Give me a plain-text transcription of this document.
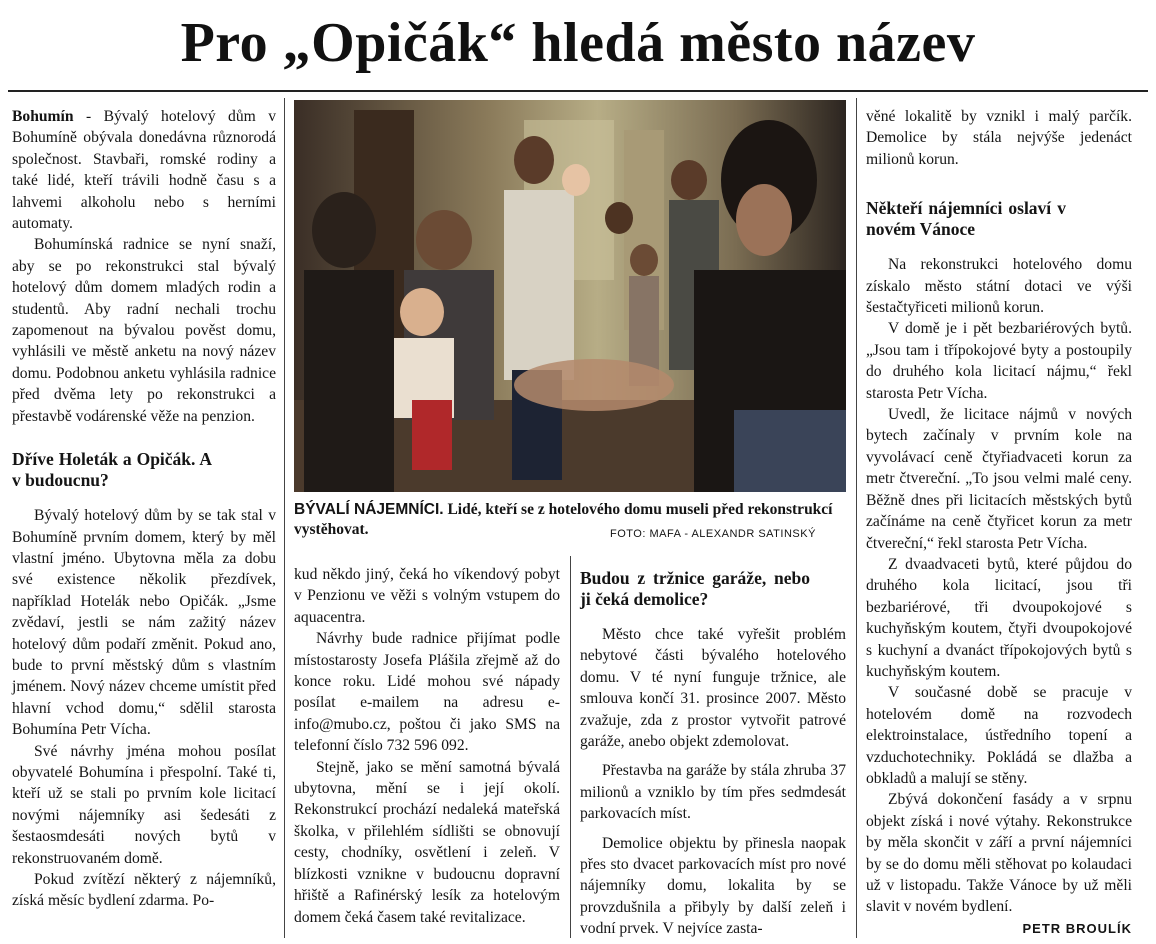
Pro „Opičák“ hledá město název

Bohumín - Bývalý hotelový dům v Bohumíně obývala donedávna různorodá společnost. Stavbaři, romské rodiny a také lidé, kteří trávili hodně času s a lahvemi alkoholu nebo s herními automaty.

Bohumínská radnice se nyní snaží, aby se po rekonstrukci stal bývalý hotelový dům domem mladých rodin a studentů. Aby radní nechali trochu zapomenout na bývalou pověst domu, vyhlásili ve městě anketu na nový název domu. Podobnou anketu vyhlásila radnice před dvěma lety po rekonstrukci a přestavbě vodárenské věže na penzion.

Dříve Holeták a Opičák. A v budoucnu?

Bývalý hotelový dům by se tak stal v Bohumíně prvním domem, který by měl vlastní jméno. Ubytovna měla za dobu své existence několik přezdívek, například Hotelák nebo Opičák. „Jsme zvědaví, jestli se nám zažitý název hotelový dům podaří změnit. Pokud ano, bude to první městský dům s vlastním jménem. Nový název chceme umístit před hlavní vchod domu,“ sdělil starosta Bohumína Petr Vícha.

Své návrhy jména mohou posílat obyvatelé Bohumína i přespolní. Také ti, kteří už se stali po prvním kole licitací novými nájemníky asi šedesáti z šestaosmdesáti nových bytů v rekonstruovaném domě.

Pokud zvítězí některý z nájemníků, získá měsíc bydlení zdarma. Po-

BÝVALÍ NÁJEMNÍCI. Lidé, kteří se z hotelového domu museli před rekonstrukcí vystěhovat.	FOTO: MAFA - ALEXANDR SATINSKÝ

kud někdo jiný, čeká ho víkendový pobyt v Penzionu ve věži s volným vstupem do aquacentra.

Návrhy bude radnice přijímat podle místostarosty Josefa Plášila zřejmě až do konce roku. Lidé mohou své nápady posílat e-mailem na adresu e-info@mubo.cz, poštou či jako SMS na telefonní číslo 732 596 092.

Stejně, jako se mění samotná bývalá ubytovna, mění se i její okolí. Rekonstrukcí prochází nedaleká mateřská školka, v přilehlém sídlišti se obnovují cesty, chodníky, osvětlení i zeleň. V blízkosti vznikne v budoucnu dopravní hřiště a Rafinérský lesík za hotelovým domem čeká časem také revitalizace.

Budou z tržnice garáže, nebo ji čeká demolice?

Město chce také vyřešit problém nebytové části bývalého hotelového domu. V té nyní funguje tržnice, ale smlouva končí 31. prosince 2007. Město zvažuje, zda z prostor vytvořit patrové garáže, anebo objekt zdemolovat.

Přestavba na garáže by stála zhruba 37 milionů a vzniklo by tím přes sedmdesát parkovacích míst.

Demolice objektu by přinesla naopak přes sto dvacet parkovacích míst pro nové nájemníky domu, lokalita by se provzdušnila a přibyly by další zeleň i vodní prvek. V nejvíce zasta-

věné lokalitě by vznikl i malý parčík. Demolice by stála nejvýše jedenáct milionů korun.

Někteří nájemníci oslaví v novém Vánoce

Na rekonstrukci hotelového domu získalo město státní dotaci ve výši šestačtyřiceti milionů korun.

V domě je i pět bezbariérových bytů. „Jsou tam i třípokojové byty a postoupily do druhého kola licitací nájmu,“ řekl starosta Petr Vícha.

Uvedl, že licitace nájmů v nových bytech začínaly v prvním kole na vyvolávací ceně čtyřiadvaceti korun za metr čtvereční. „To jsou velmi malé ceny. Běžně dnes při licitacích městských bytů začínáme na ceně čtyřicet korun za metr čtvereční,“ řekl starosta Petr Vícha.

Z dvaadvaceti bytů, které půjdou do druhého kola licitací, jsou tři bezbariérové, tři dvoupokojové s kuchyňským koutem, čtyři dvoupokojové s kuchyní a dvanáct třípokojových bytů s kuchyňským koutem.

V současné době se pracuje v hotelovém domě na rozvodech elektroinstalace, ústředního topení a vzduchotechniky. Pokládá se dlažba a obkladů a malují se stěny.

Zbývá dokončení fasády a v srpnu objekt získá i nové výtahy. Rekonstrukce by měla skončit v září a první nájemníci by se do domu měli stěhovat po kolaudaci už v listopadu. Takže Vánoce by už měli slavit v novém bydlení.
PETR BROULÍK
